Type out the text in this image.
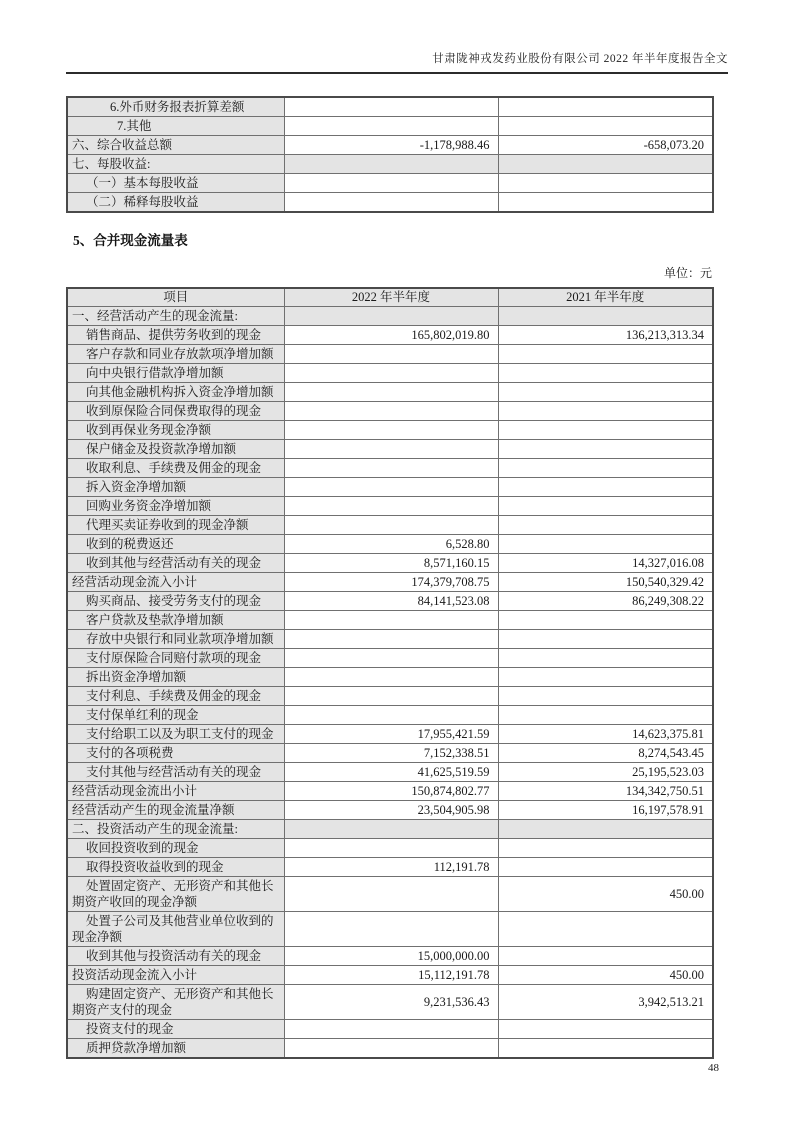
甘肃陇神戎发药业股份有限公司 2022 年半年度报告全文
6.外币财务报表折算差额		
7.其他		
六、综合收益总额	-1,178,988.46	-658,073.20
七、每股收益:		
（一）基本每股收益		
（二）稀释每股收益		
5、合并现金流量表
单位：元
项目	2022 年半年度	2021 年半年度
一、经营活动产生的现金流量:		
销售商品、提供劳务收到的现金	165,802,019.80	136,213,313.34
客户存款和同业存放款项净增加额		
向中央银行借款净增加额		
向其他金融机构拆入资金净增加额		
收到原保险合同保费取得的现金		
收到再保业务现金净额		
保户储金及投资款净增加额		
收取利息、手续费及佣金的现金		
拆入资金净增加额		
回购业务资金净增加额		
代理买卖证券收到的现金净额		
收到的税费返还	6,528.80	
收到其他与经营活动有关的现金	8,571,160.15	14,327,016.08
经营活动现金流入小计	174,379,708.75	150,540,329.42
购买商品、接受劳务支付的现金	84,141,523.08	86,249,308.22
客户贷款及垫款净增加额		
存放中央银行和同业款项净增加额		
支付原保险合同赔付款项的现金		
拆出资金净增加额		
支付利息、手续费及佣金的现金		
支付保单红利的现金		
支付给职工以及为职工支付的现金	17,955,421.59	14,623,375.81
支付的各项税费	7,152,338.51	8,274,543.45
支付其他与经营活动有关的现金	41,625,519.59	25,195,523.03
经营活动现金流出小计	150,874,802.77	134,342,750.51
经营活动产生的现金流量净额	23,504,905.98	16,197,578.91
二、投资活动产生的现金流量:		
收回投资收到的现金		
取得投资收益收到的现金	112,191.78	
处置固定资产、无形资产和其他长期资产收回的现金净额		450.00
处置子公司及其他营业单位收到的现金净额		
收到其他与投资活动有关的现金	15,000,000.00	
投资活动现金流入小计	15,112,191.78	450.00
购建固定资产、无形资产和其他长期资产支付的现金	9,231,536.43	3,942,513.21
投资支付的现金		
质押贷款净增加额		
48
